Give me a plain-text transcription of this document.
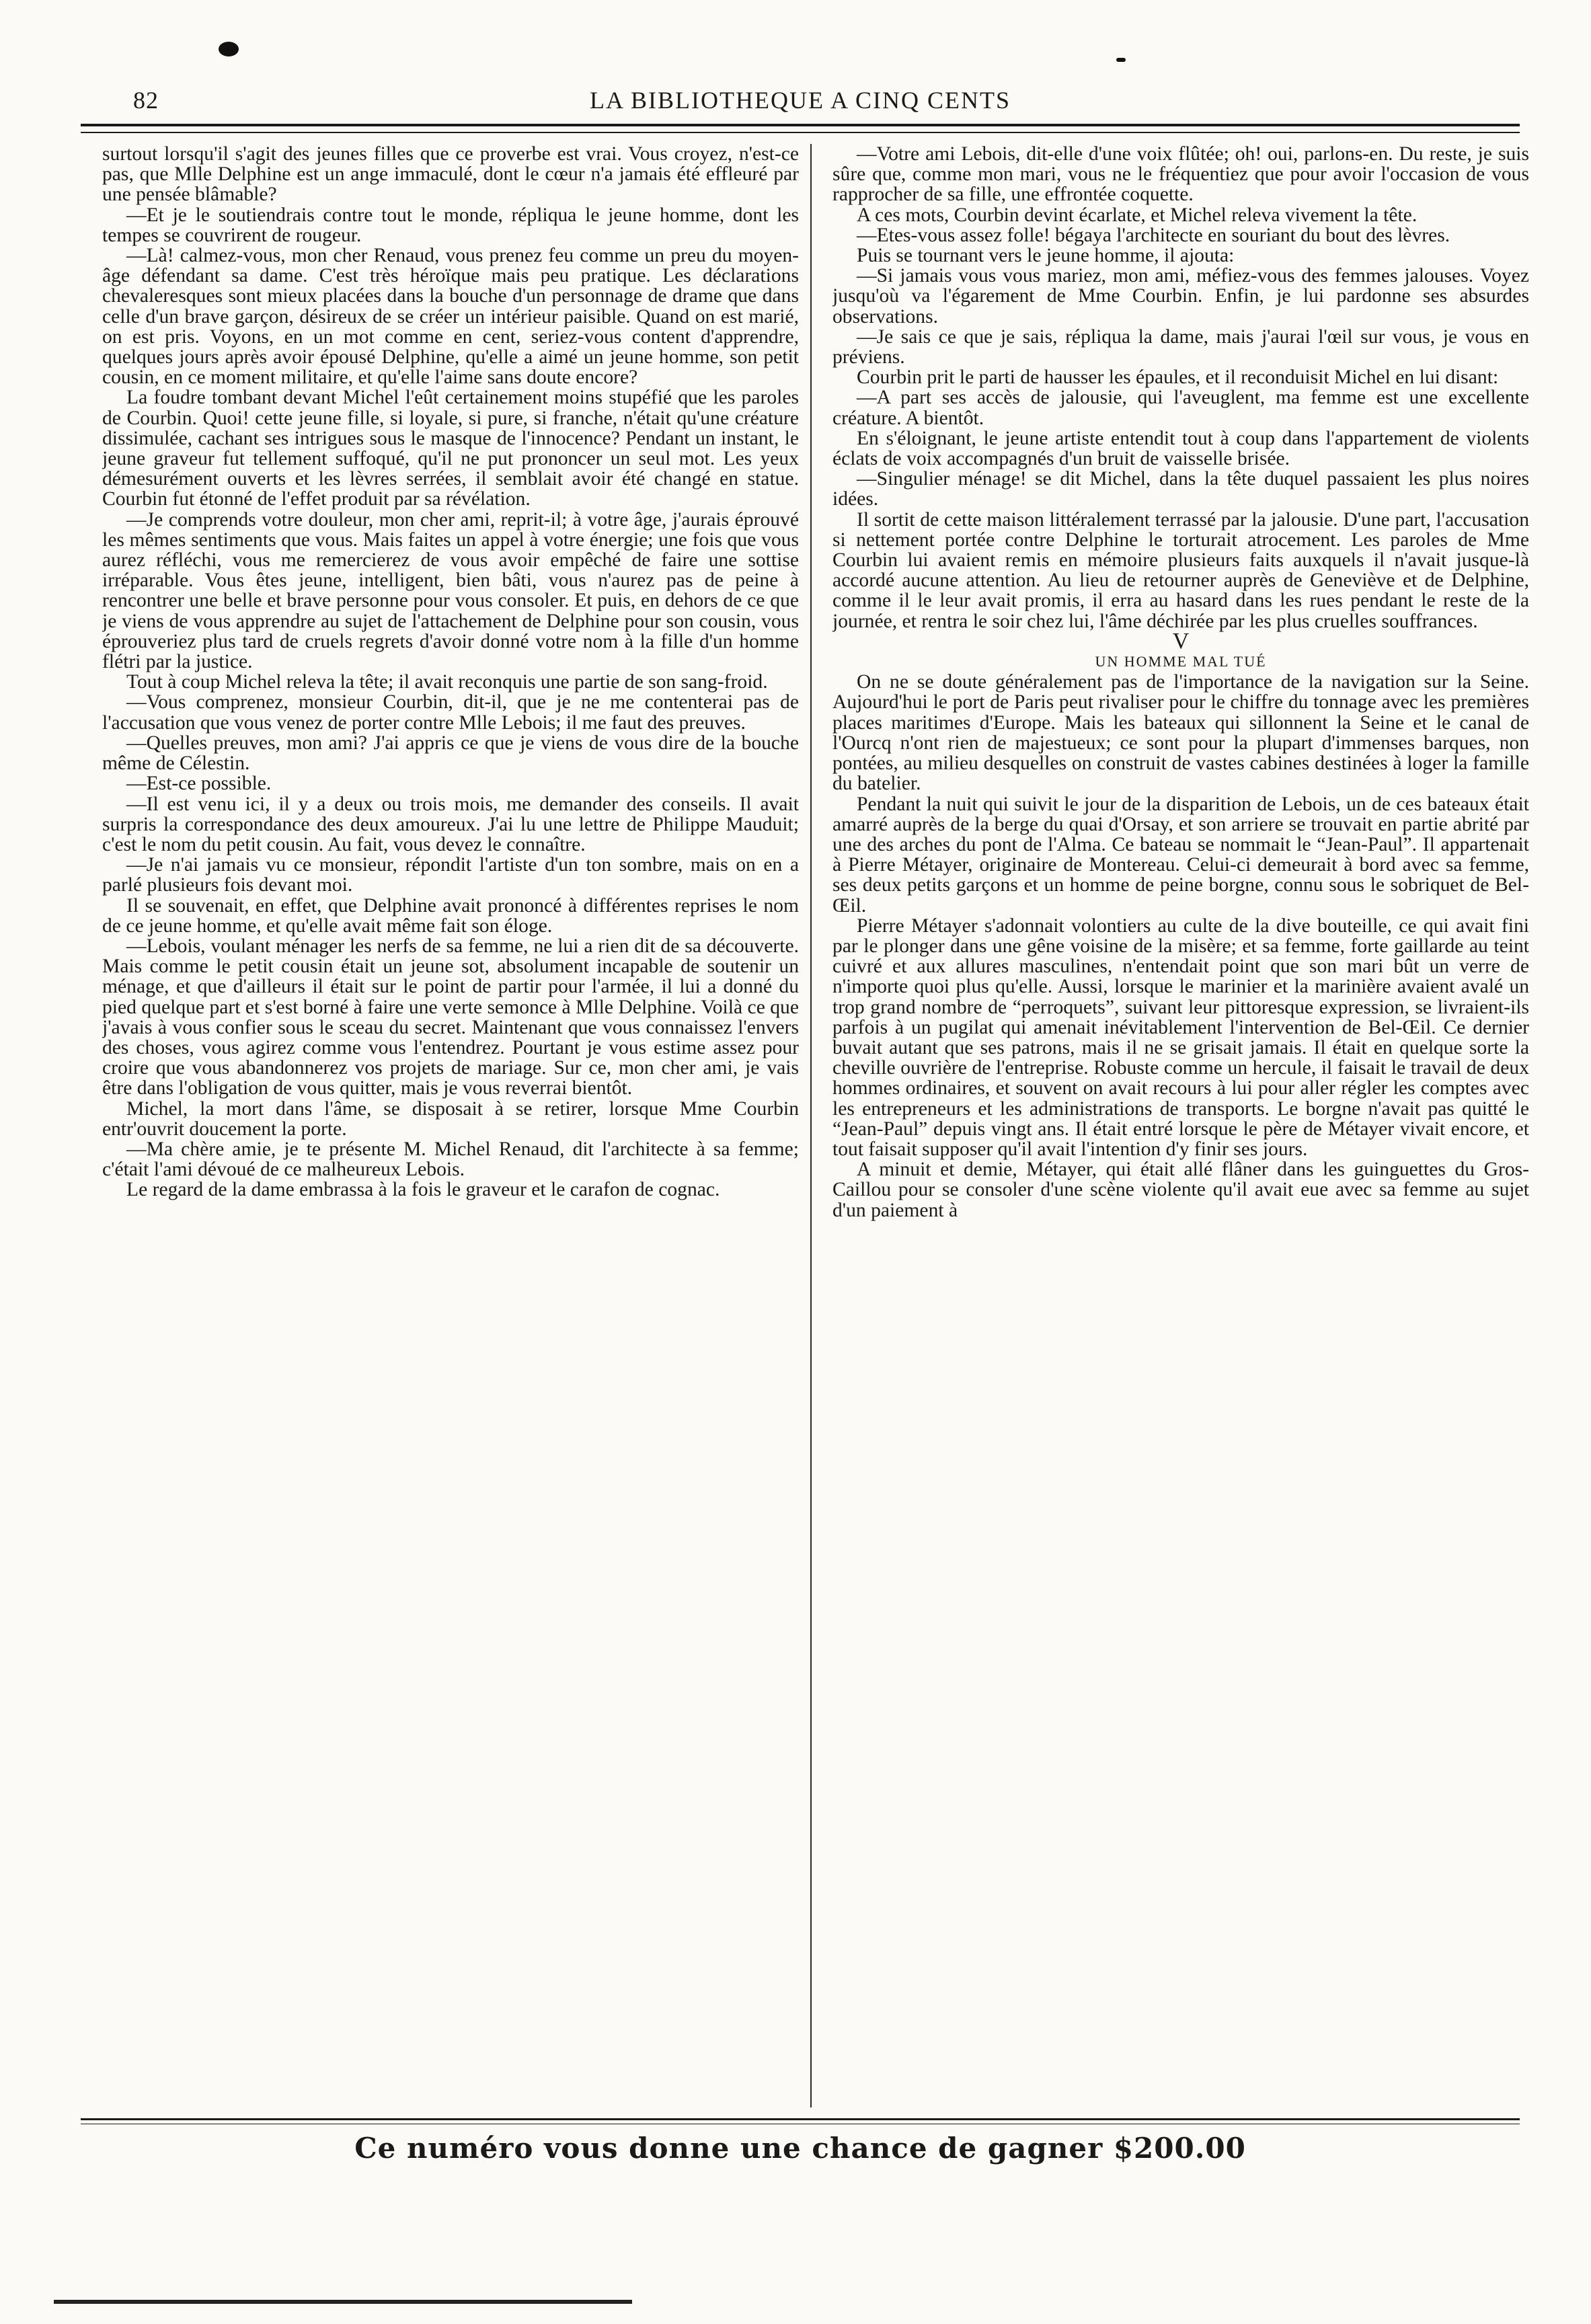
82	LA BIBLIOTHEQUE A CINQ CENTS

surtout lorsqu'il s'agit des jeunes filles que ce proverbe est vrai. Vous croyez, n'est-ce pas, que Mlle Delphine est un ange immaculé, dont le cœur n'a jamais été effleuré par une pensée blâmable?

—Et je le soutiendrais contre tout le monde, répliqua le jeune homme, dont les tempes se couvrirent de rougeur.

—Là! calmez-vous, mon cher Renaud, vous prenez feu comme un preu du moyen-âge défendant sa dame. C'est très héroïque mais peu pratique. Les déclarations chevaleresques sont mieux placées dans la bouche d'un personnage de drame que dans celle d'un brave garçon, désireux de se créer un intérieur paisible. Quand on est marié, on est pris. Voyons, en un mot comme en cent, seriez-vous content d'apprendre, quelques jours après avoir épousé Delphine, qu'elle a aimé un jeune homme, son petit cousin, en ce moment militaire, et qu'elle l'aime sans doute encore?

La foudre tombant devant Michel l'eût certainement moins stupéfié que les paroles de Courbin. Quoi! cette jeune fille, si loyale, si pure, si franche, n'était qu'une créature dissimulée, cachant ses intrigues sous le masque de l'innocence? Pendant un instant, le jeune graveur fut tellement suffoqué, qu'il ne put prononcer un seul mot. Les yeux démesurément ouverts et les lèvres serrées, il semblait avoir été changé en statue. Courbin fut étonné de l'effet produit par sa révélation.

—Je comprends votre douleur, mon cher ami, reprit-il; à votre âge, j'aurais éprouvé les mêmes sentiments que vous. Mais faites un appel à votre énergie; une fois que vous aurez réfléchi, vous me remercierez de vous avoir empêché de faire une sottise irréparable. Vous êtes jeune, intelligent, bien bâti, vous n'aurez pas de peine à rencontrer une belle et brave personne pour vous consoler. Et puis, en dehors de ce que je viens de vous apprendre au sujet de l'attachement de Delphine pour son cousin, vous éprouveriez plus tard de cruels regrets d'avoir donné votre nom à la fille d'un homme flétri par la justice.

Tout à coup Michel releva la tête; il avait reconquis une partie de son sang-froid.

—Vous comprenez, monsieur Courbin, dit-il, que je ne me contenterai pas de l'accusation que vous venez de porter contre Mlle Lebois; il me faut des preuves.

—Quelles preuves, mon ami? J'ai appris ce que je viens de vous dire de la bouche même de Célestin.

—Est-ce possible.

—Il est venu ici, il y a deux ou trois mois, me demander des conseils. Il avait surpris la correspondance des deux amoureux. J'ai lu une lettre de Philippe Mauduit; c'est le nom du petit cousin. Au fait, vous devez le connaître.

—Je n'ai jamais vu ce monsieur, répondit l'artiste d'un ton sombre, mais on en a parlé plusieurs fois devant moi.

Il se souvenait, en effet, que Delphine avait prononcé à différentes reprises le nom de ce jeune homme, et qu'elle avait même fait son éloge.

—Lebois, voulant ménager les nerfs de sa femme, ne lui a rien dit de sa découverte. Mais comme le petit cousin était un jeune sot, absolument incapable de soutenir un ménage, et que d'ailleurs il était sur le point de partir pour l'armée, il lui a donné du pied quelque part et s'est borné à faire une verte semonce à Mlle Delphine. Voilà ce que j'avais à vous confier sous le sceau du secret. Maintenant que vous connaissez l'envers des choses, vous agirez comme vous l'entendrez. Pourtant je vous estime assez pour croire que vous abandonnerez vos projets de mariage. Sur ce, mon cher ami, je vais être dans l'obligation de vous quitter, mais je vous reverrai bientôt.

Michel, la mort dans l'âme, se disposait à se retirer, lorsque Mme Courbin entr'ouvrit doucement la porte.

—Ma chère amie, je te présente M. Michel Renaud, dit l'architecte à sa femme; c'était l'ami dévoué de ce malheureux Lebois.

Le regard de la dame embrassa à la fois le graveur et le carafon de cognac.

—Votre ami Lebois, dit-elle d'une voix flûtée; oh! oui, parlons-en. Du reste, je suis sûre que, comme mon mari, vous ne le fréquentiez que pour avoir l'occasion de vous rapprocher de sa fille, une effrontée coquette.

A ces mots, Courbin devint écarlate, et Michel releva vivement la tête.

—Etes-vous assez folle! bégaya l'architecte en souriant du bout des lèvres.

Puis se tournant vers le jeune homme, il ajouta:

—Si jamais vous vous mariez, mon ami, méfiez-vous des femmes jalouses. Voyez jusqu'où va l'égarement de Mme Courbin. Enfin, je lui pardonne ses absurdes observations.

—Je sais ce que je sais, répliqua la dame, mais j'aurai l'œil sur vous, je vous en préviens.

Courbin prit le parti de hausser les épaules, et il reconduisit Michel en lui disant:

—A part ses accès de jalousie, qui l'aveuglent, ma femme est une excellente créature. A bientôt.

En s'éloignant, le jeune artiste entendit tout à coup dans l'appartement de violents éclats de voix accompagnés d'un bruit de vaisselle brisée.

—Singulier ménage! se dit Michel, dans la tête duquel passaient les plus noires idées.

Il sortit de cette maison littéralement terrassé par la jalousie. D'une part, l'accusation si nettement portée contre Delphine le torturait atrocement. Les paroles de Mme Courbin lui avaient remis en mémoire plusieurs faits auxquels il n'avait jusque-là accordé aucune attention. Au lieu de retourner auprès de Geneviève et de Delphine, comme il le leur avait promis, il erra au hasard dans les rues pendant le reste de la journée, et rentra le soir chez lui, l'âme déchirée par les plus cruelles souffrances.

V

UN HOMME MAL TUÉ

On ne se doute généralement pas de l'importance de la navigation sur la Seine. Aujourd'hui le port de Paris peut rivaliser pour le chiffre du tonnage avec les premières places maritimes d'Europe. Mais les bateaux qui sillonnent la Seine et le canal de l'Ourcq n'ont rien de majestueux; ce sont pour la plupart d'immenses barques, non pontées, au milieu desquelles on construit de vastes cabines destinées à loger la famille du batelier.

Pendant la nuit qui suivit le jour de la disparition de Lebois, un de ces bateaux était amarré auprès de la berge du quai d'Orsay, et son arriere se trouvait en partie abrité par une des arches du pont de l'Alma. Ce bateau se nommait le “Jean-Paul”. Il appartenait à Pierre Métayer, originaire de Montereau. Celui-ci demeurait à bord avec sa femme, ses deux petits garçons et un homme de peine borgne, connu sous le sobriquet de Bel-Œil.

Pierre Métayer s'adonnait volontiers au culte de la dive bouteille, ce qui avait fini par le plonger dans une gêne voisine de la misère; et sa femme, forte gaillarde au teint cuivré et aux allures masculines, n'entendait point que son mari bût un verre de n'importe quoi plus qu'elle. Aussi, lorsque le marinier et la marinière avaient avalé un trop grand nombre de “perroquets”, suivant leur pittoresque expression, se livraient-ils parfois à un pugilat qui amenait inévitablement l'intervention de Bel-Œil. Ce dernier buvait autant que ses patrons, mais il ne se grisait jamais. Il était en quelque sorte la cheville ouvrière de l'entreprise. Robuste comme un hercule, il faisait le travail de deux hommes ordinaires, et souvent on avait recours à lui pour aller régler les comptes avec les entrepreneurs et les administrations de transports. Le borgne n'avait pas quitté le “Jean-Paul” depuis vingt ans. Il était entré lorsque le père de Métayer vivait encore, et tout faisait supposer qu'il avait l'intention d'y finir ses jours.

A minuit et demie, Métayer, qui était allé flâner dans les guinguettes du Gros-Caillou pour se consoler d'une scène violente qu'il avait eue avec sa femme au sujet d'un paiement à

Ce numéro vous donne une chance de gagner $200.00
